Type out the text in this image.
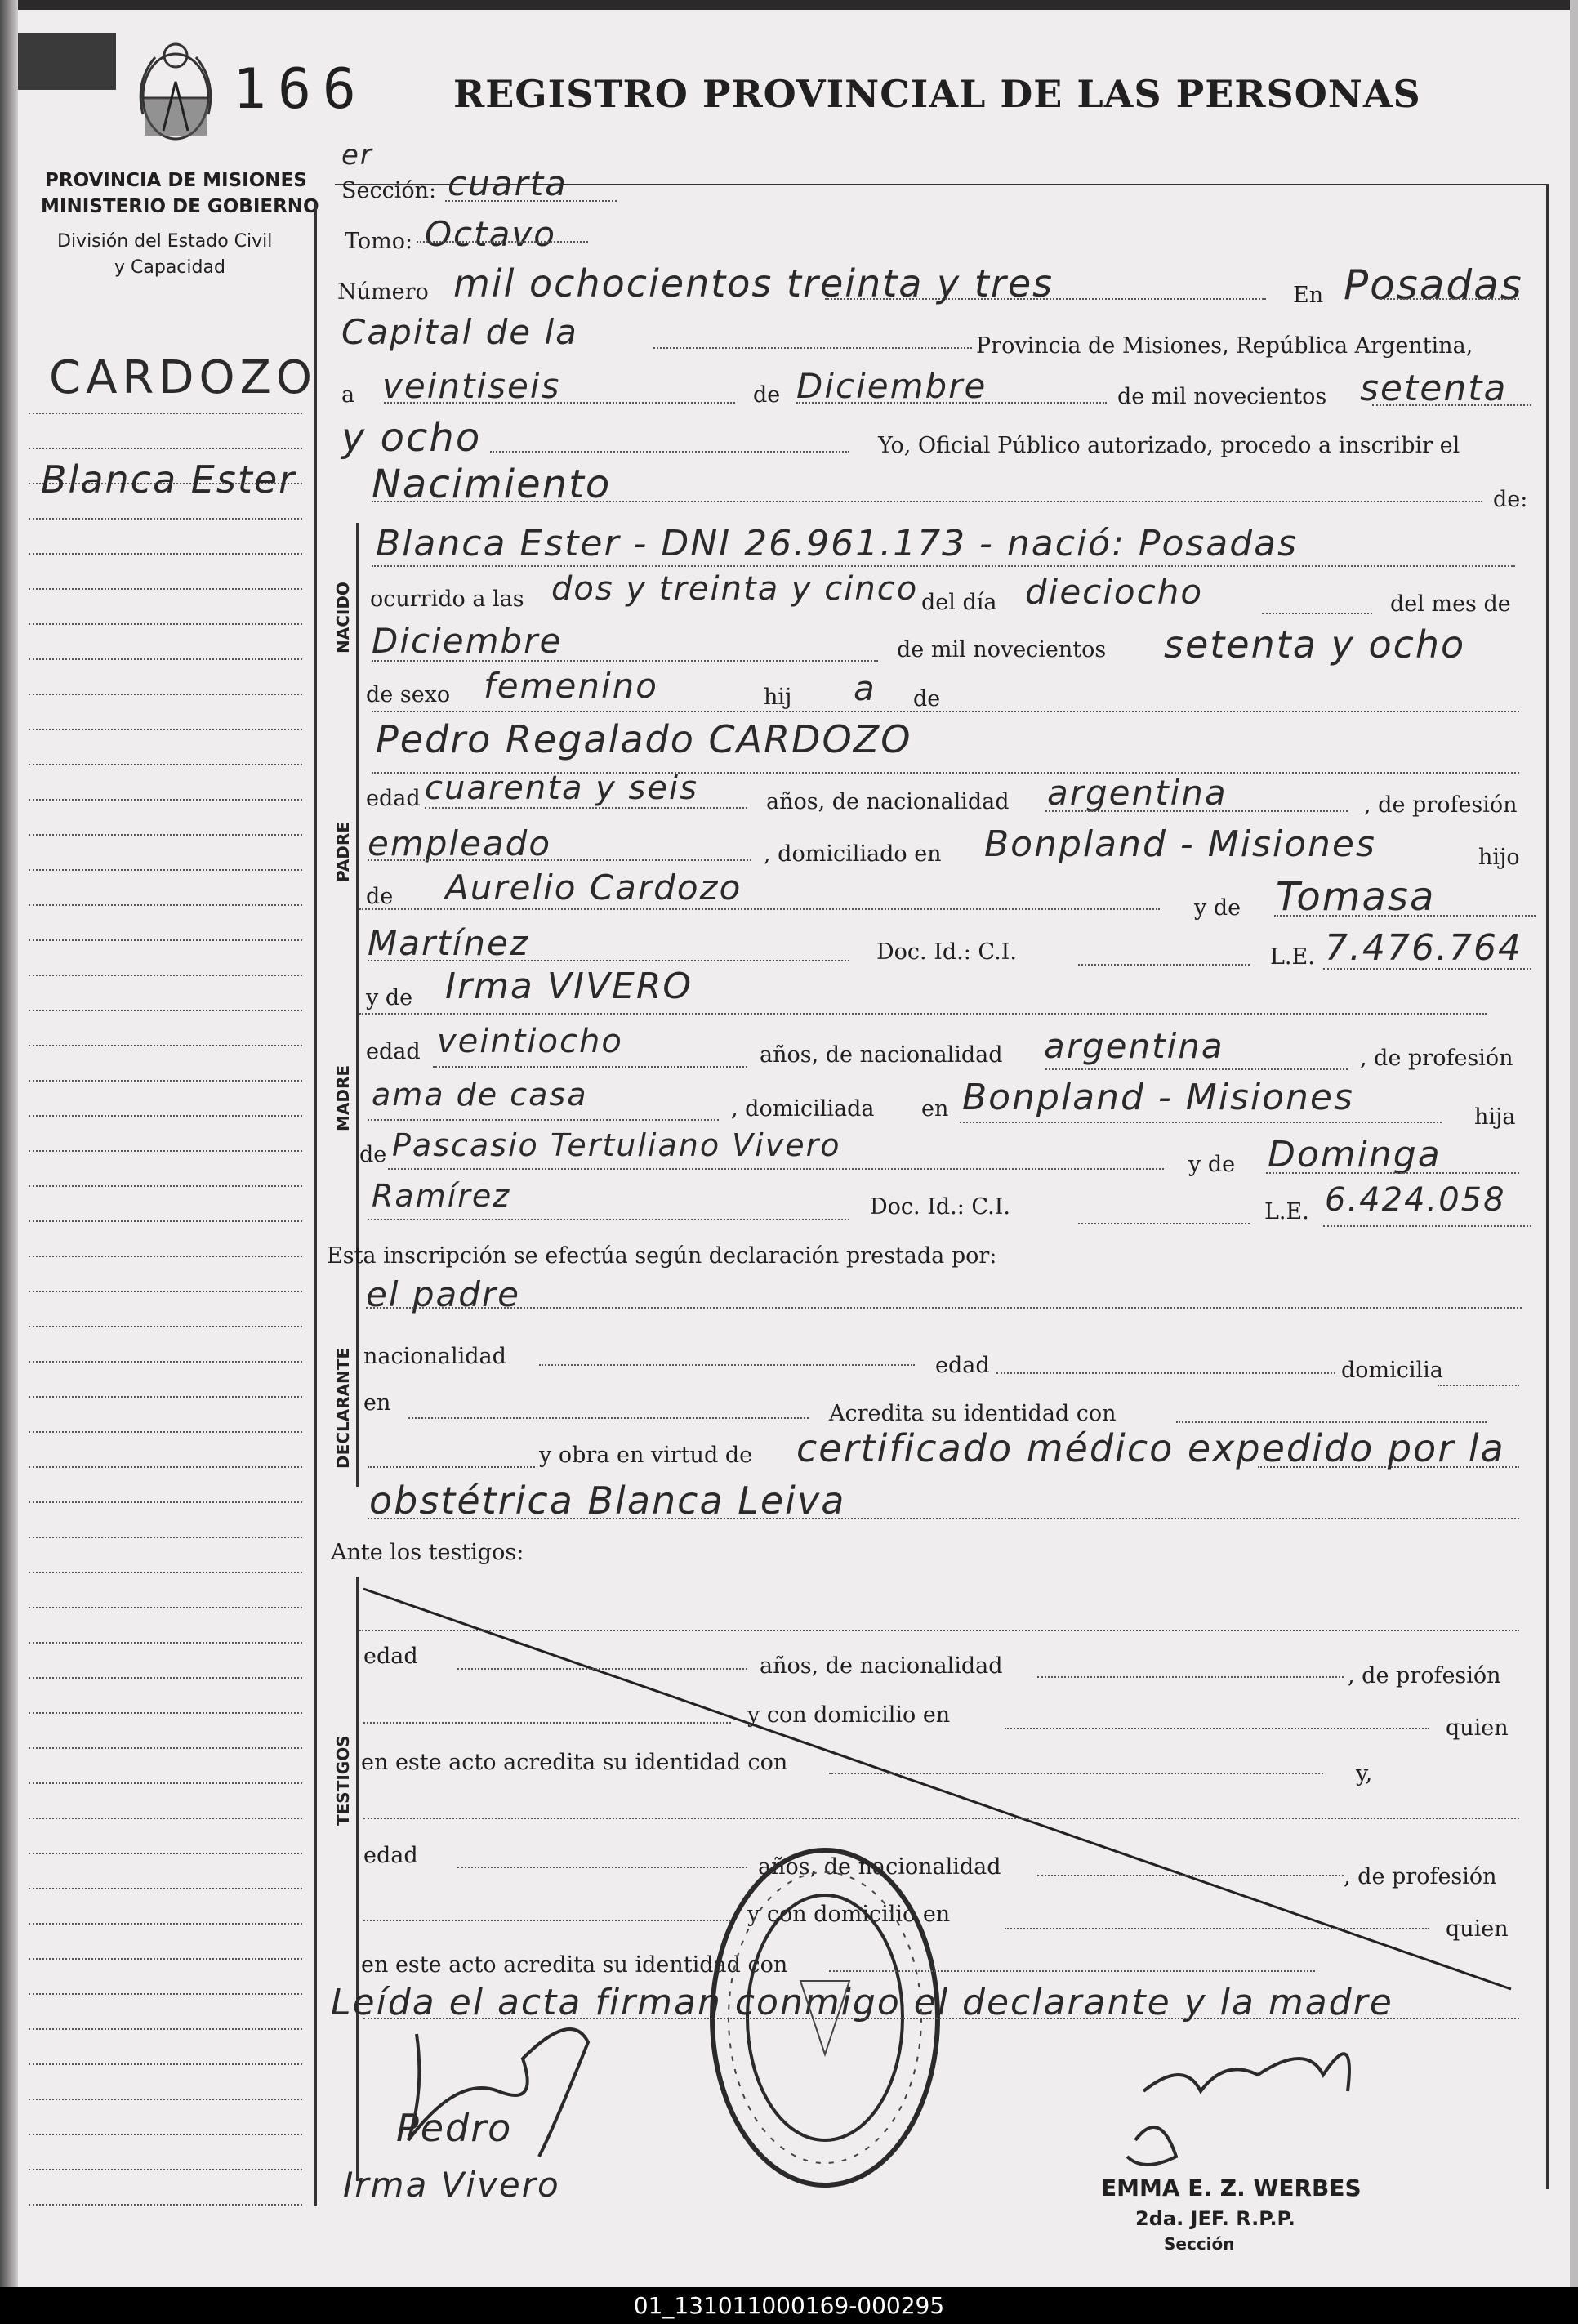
166 REGISTRO PROVINCIAL DE LAS PERSONAS
PROVINCIA DE MISIONES
MINISTERIO DE GOBIERNO
División del Estado Civil
y Capacidad
CARDOZO
Blanca Ester
Sección:
er
cuarta
Tomo: Octavo
Número mil ochocientos treinta y tres	En Posadas
Capital de la	Provincia de Misiones, República Argentina,
a veintiseis	de Diciembre	de mil novecientos setenta
y ocho	Yo, Oficial Público autorizado, procedo a inscribir el
Nacimiento	de:
NACIDO
Blanca Ester - DNI 26.961.173 - nació: Posadas
ocurrido a las dos y treinta y cinco del día dieciocho	del mes de
Diciembre	de mil novecientos setenta y ocho
de sexo femenino	hij a de
Pedro Regalado CARDOZO
PADRE
edad cuarenta y seis	años, de nacionalidad argentina	, de profesión
empleado	, domiciliado en Bonpland - Misiones	hijo
de Aurelio Cardozo
y de Tomasa
Martínez	Doc. Id.: C.I.	L.E. 7.476.764
MADRE
y de Irma VIVERO
edad veintiocho	años, de nacionalidad argentina	, de profesión
ama de casa	, domiciliada en Bonpland - Misiones	hija
de Pascasio Tertuliano Vivero
y de Dominga
Ramírez	Doc. Id.: C.I.	L.E. 6.424.058
Esta inscripción se efectúa según declaración prestada por:
DECLARANTE
el padre
nacionalidad	edad	domicilia
en	Acredita su identidad con
y obra en virtud de certificado médico expedido por la
obstétrica Blanca Leiva
Ante los testigos:
TESTIGOS
edad	años, de nacionalidad	, de profesión
y con domicilio en
quien
en este acto acredita su identidad con	y,
edad	años, de nacionalidad	, de profesión
y con domicilio en
quien
en este acto acredita su identidad con
Leída el acta firman conmigo el declarante y la madre
Pedro
Irma Vivero	EMMA E. Z. WERBES
2da. JEF. R.P.P.
Sección
01_131011000169-000295
